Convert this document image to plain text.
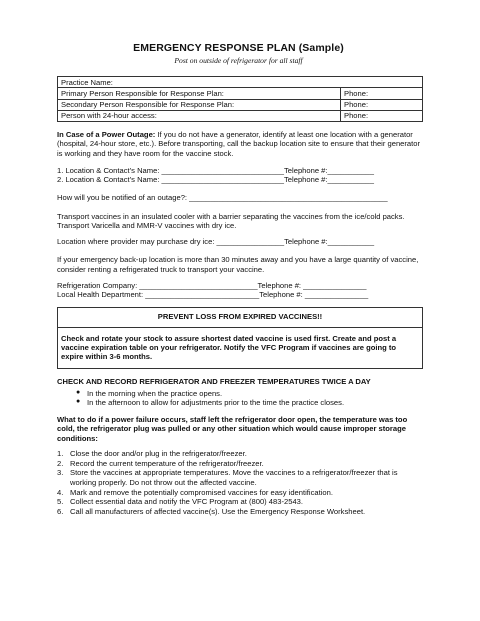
EMERGENCY RESPONSE PLAN (Sample)
Post on outside of refrigerator for all staff
Practice Name:	
Primary Person Responsible for Response Plan:	Phone:
Secondary Person Responsible for Response Plan:	Phone:
Person with 24-hour access:	Phone:

In Case of a Power Outage: If you do not have a generator, identify at least one location with a generator (hospital, 24-hour store, etc.). Before transporting, call the backup location site to ensure that their generator is working and they have room for the vaccine stock.

1. Location & Contact’s Name: _____________________________Telephone #:___________
2. Location & Contact’s Name: _____________________________Telephone #:___________

How will you be notified of an outage?: _______________________________________________

Transport vaccines in an insulated cooler with a barrier separating the vaccines from the ice/cold packs. Transport Varicella and MMR-V vaccines with dry ice.

Location where provider may purchase dry ice: ________________Telephone #:___________

If your emergency back-up location is more than 30 minutes away and you have a large quantity of vaccine, consider renting a refrigerated truck to transport your vaccine.

Refrigeration Company: ____________________________Telephone #: _______________
Local Health Department: ___________________________Telephone #: _______________
PREVENT LOSS FROM EXPIRED VACCINES!!
Check and rotate your stock to assure shortest dated vaccine is used first. Create and post a vaccine expiration table on your refrigerator. Notify the VFC Program if vaccines are going to expire within 3-6 months.

CHECK AND RECORD REFRIGERATOR AND FREEZER TEMPERATURES TWICE A DAY

● In the morning when the practice opens.
● In the afternoon to allow for adjustments prior to the time the practice closes.

What to do if a power failure occurs, staff left the refrigerator door open, the temperature was too cold, the refrigerator plug was pulled or any other situation which would cause improper storage conditions:

1. Close the door and/or plug in the refrigerator/freezer.
2. Record the current temperature of the refrigerator/freezer.
3. Store the vaccines at appropriate temperatures. Move the vaccines to a refrigerator/freezer that is working properly. Do not throw out the affected vaccine.
4. Mark and remove the potentially compromised vaccines for easy identification.
5. Collect essential data and notify the VFC Program at (800) 483-2543.
6. Call all manufacturers of affected vaccine(s). Use the Emergency Response Worksheet.
